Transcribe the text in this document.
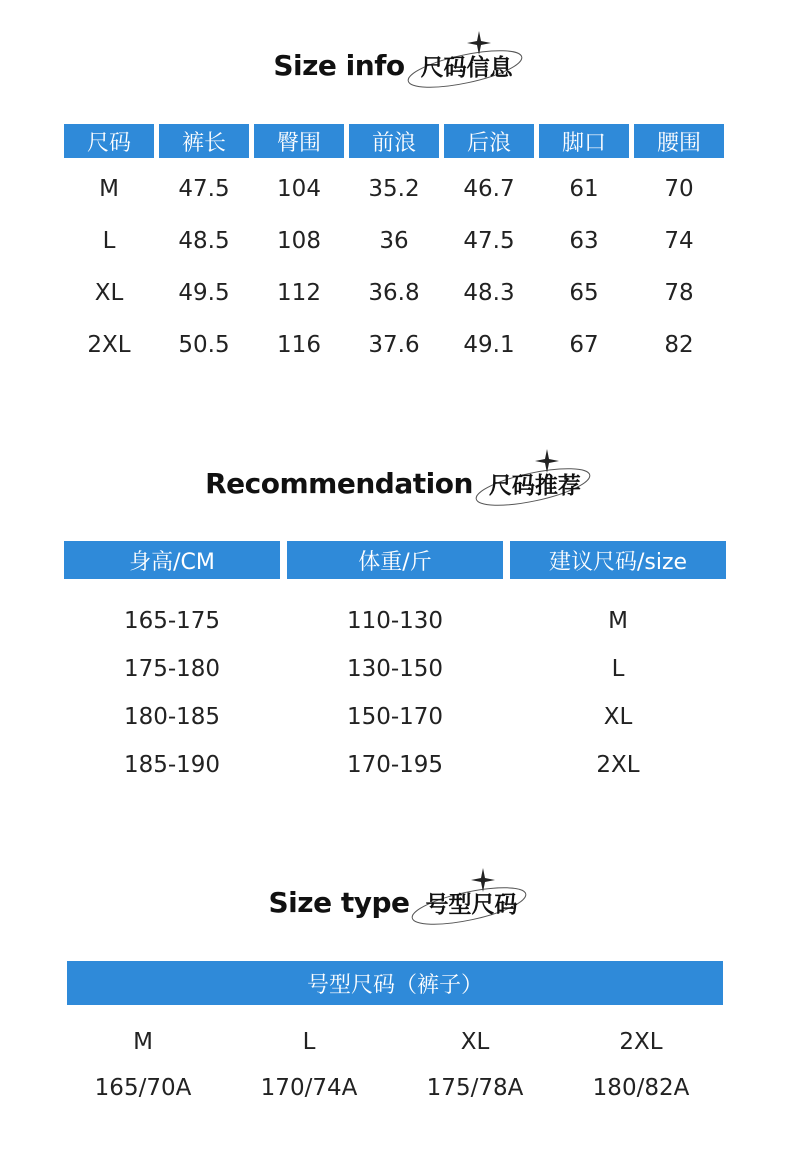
Size info 尺码信息
尺码	裤长	臀围	前浪	后浪	脚口	腰围
M	47.5	104	35.2	46.7	61	70
L	48.5	108	36	47.5	63	74
XL	49.5	112	36.8	48.3	65	78
2XL	50.5	116	37.6	49.1	67	82
Recommendation 尺码推荐
身高/CM	体重/斤	建议尺码/size
165-175	110-130	M
175-180	130-150	L
180-185	150-170	XL
185-190	170-195	2XL
Size type 号型尺码
号型尺码（裤子）
M	L	XL	2XL
165/70A	170/74A	175/78A	180/82A
